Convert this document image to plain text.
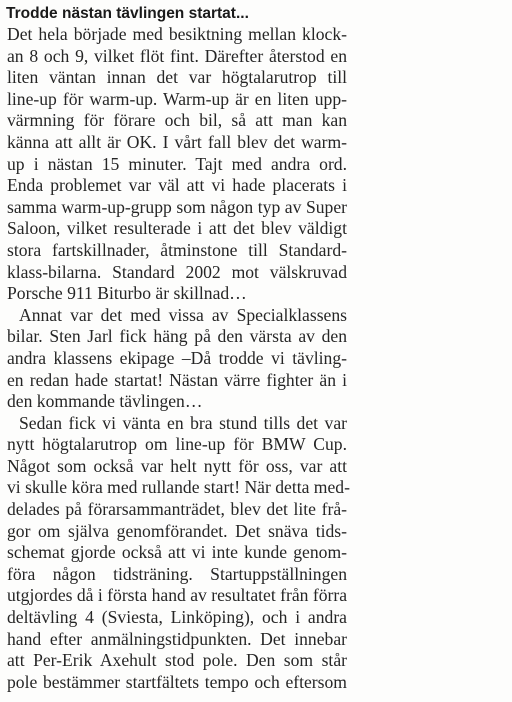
Trodde nästan tävlingen startat...
Det hela började med besiktning mellan klock-
an 8 och 9, vilket flöt fint. Därefter återstod en
liten väntan innan det var högtalarutrop till
line-up för warm-up. Warm-up är en liten upp-
värmning för förare och bil, så att man kan
känna att allt är OK. I vårt fall blev det warm-
up i nästan 15 minuter. Tajt med andra ord.
Enda problemet var väl att vi hade placerats i
samma warm-up-grupp som någon typ av Super
Saloon, vilket resulterade i att det blev väldigt
stora fartskillnader, åtminstone till Standard-
klass-bilarna. Standard 2002 mot välskruvad
Porsche 911 Biturbo är skillnad…
Annat var det med vissa av Specialklassens
bilar. Sten Jarl fick häng på den värsta av den
andra klassens ekipage –Då trodde vi tävling-
en redan hade startat! Nästan värre fighter än i
den kommande tävlingen…
Sedan fick vi vänta en bra stund tills det var
nytt högtalarutrop om line-up för BMW Cup.
Något som också var helt nytt för oss, var att
vi skulle köra med rullande start! När detta med-
delades på förarsammanträdet, blev det lite frå-
gor om själva genomförandet. Det snäva tids-
schemat gjorde också att vi inte kunde genom-
föra någon tidsträning. Startuppställningen
utgjordes då i första hand av resultatet från förra
deltävling 4 (Sviesta, Linköping), och i andra
hand efter anmälningstidpunkten. Det innebar
att Per-Erik Axehult stod pole. Den som står
pole bestämmer startfältets tempo och eftersom
